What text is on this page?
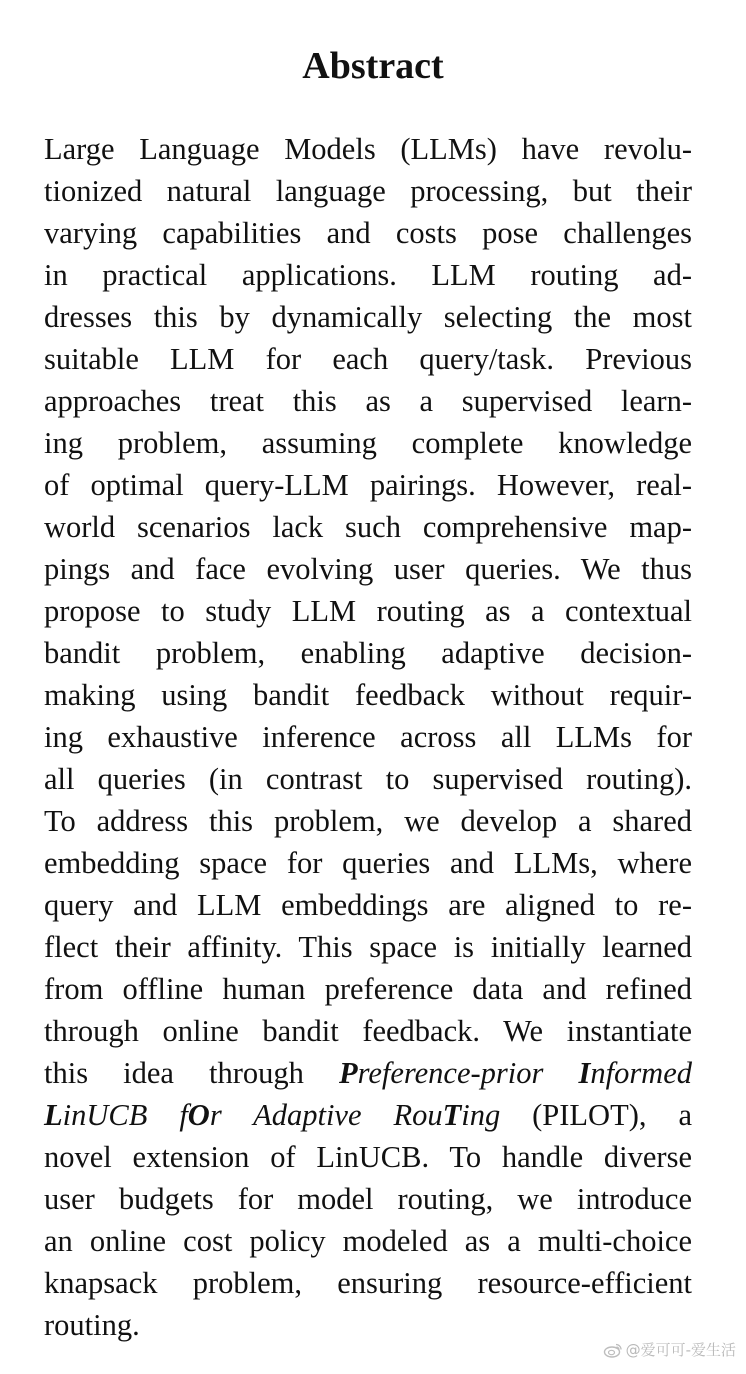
Abstract
Large Language Models (LLMs) have revolu-
tionized natural language processing, but their
varying capabilities and costs pose challenges
in practical applications. LLM routing ad-
dresses this by dynamically selecting the most
suitable LLM for each query/task. Previous
approaches treat this as a supervised learn-
ing problem, assuming complete knowledge
of optimal query-LLM pairings. However, real-
world scenarios lack such comprehensive map-
pings and face evolving user queries. We thus
propose to study LLM routing as a contextual
bandit problem, enabling adaptive decision-
making using bandit feedback without requir-
ing exhaustive inference across all LLMs for
all queries (in contrast to supervised routing).
To address this problem, we develop a shared
embedding space for queries and LLMs, where
query and LLM embeddings are aligned to re-
flect their affinity. This space is initially learned
from offline human preference data and refined
through online bandit feedback. We instantiate
this idea through Preference-prior Informed
LinUCB fOr Adaptive RouTing (PILOT), a
novel extension of LinUCB. To handle diverse
user budgets for model routing, we introduce
an online cost policy modeled as a multi-choice
knapsack problem, ensuring resource-efficient
routing.
@爱可可-爱生活
